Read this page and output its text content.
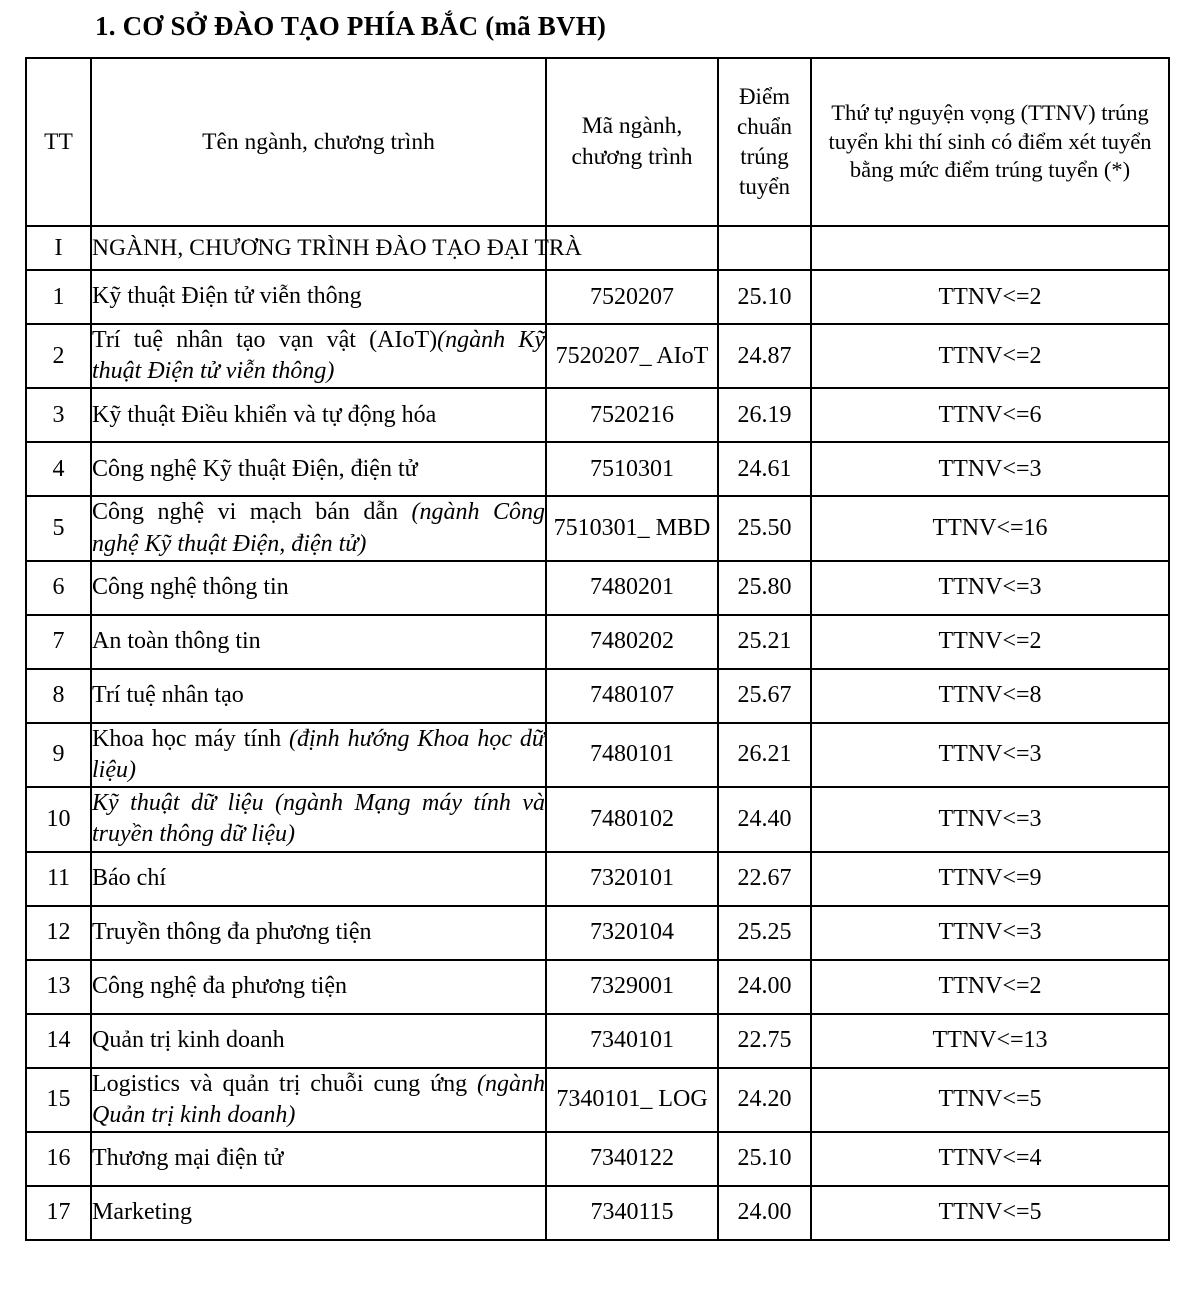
1. CƠ SỞ ĐÀO TẠO PHÍA BẮC (mã BVH)
TT	Tên ngành, chương trình	Mã ngành, chương trình	Điểm chuẩn trúng tuyển	Thứ tự nguyện vọng (TTNV) trúng tuyển khi thí sinh có điểm xét tuyển bằng mức điểm trúng tuyển (*)
I	NGÀNH, CHƯƠNG TRÌNH ĐÀO TẠO ĐẠI TRÀ			
1	Kỹ thuật Điện tử viễn thông	7520207	25.10	TTNV<=2
2	Trí tuệ nhân tạo vạn vật (AIoT)(ngành Kỹ thuật Điện tử viễn thông)	7520207_ AIoT	24.87	TTNV<=2
3	Kỹ thuật Điều khiển và tự động hóa	7520216	26.19	TTNV<=6
4	Công nghệ Kỹ thuật Điện, điện tử	7510301	24.61	TTNV<=3
5	Công nghệ vi mạch bán dẫn (ngành Công nghệ Kỹ thuật Điện, điện tử)	7510301_ MBD	25.50	TTNV<=16
6	Công nghệ thông tin	7480201	25.80	TTNV<=3
7	An toàn thông tin	7480202	25.21	TTNV<=2
8	Trí tuệ nhân tạo	7480107	25.67	TTNV<=8
9	Khoa học máy tính (định hướng Khoa học dữ liệu)	7480101	26.21	TTNV<=3
10	Kỹ thuật dữ liệu (ngành Mạng máy tính và truyền thông dữ liệu)	7480102	24.40	TTNV<=3
11	Báo chí	7320101	22.67	TTNV<=9
12	Truyền thông đa phương tiện	7320104	25.25	TTNV<=3
13	Công nghệ đa phương tiện	7329001	24.00	TTNV<=2
14	Quản trị kinh doanh	7340101	22.75	TTNV<=13
15	Logistics và quản trị chuỗi cung ứng (ngành Quản trị kinh doanh)	7340101_ LOG	24.20	TTNV<=5
16	Thương mại điện tử	7340122	25.10	TTNV<=4
17	Marketing	7340115	24.00	TTNV<=5
